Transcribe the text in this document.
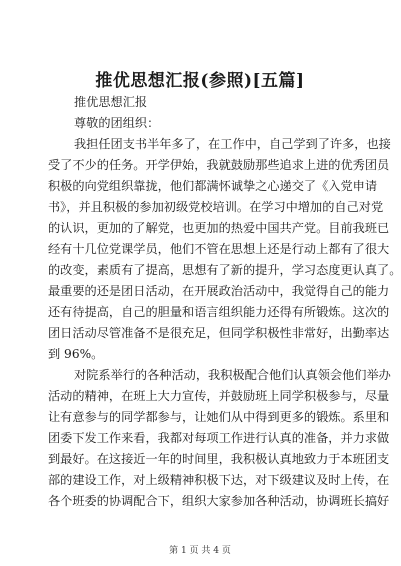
推优思想汇报(参照)[五篇]
推优思想汇报
尊敬的团组织：
我担任团支书半年多了，在工作中，自己学到了许多，也接
受了不少的任务。开学伊始，我就鼓励那些追求上进的优秀团员
积极的向党组织靠拢，他们都满怀诚挚之心递交了《入党申请
书》，并且积极的参加初级党校培训。在学习中增加的自己对党
的认识，更加的了解党，也更加的热爱中国共产党。目前我班已
经有十几位党课学员，他们不管在思想上还是行动上都有了很大
的改变，素质有了提高，思想有了新的提升，学习态度更认真了。
最重要的还是团日活动，在开展政治活动中，我觉得自己的能力
还有待提高，自己的胆量和语言组织能力还得有所锻炼。这次的
团日活动尽管准备不是很充足，但同学积极性非常好，出勤率达
到 96%。
对院系举行的各种活动，我积极配合他们认真领会他们举办
活动的精神，在班上大力宣传，并鼓励班上同学积极参与，尽量
让有意参与的同学都参与，让她们从中得到更多的锻炼。系里和
团委下发工作来看，我都对每项工作进行认真的准备，并力求做
到最好。在这接近一年的时间里，我积极认真地致力于本班团支
部的建设工作，对上级精神积极下达，对下级建议及时上传，在
各个班委的协调配合下，组织大家参加各种活动，协调班长搞好
第 1 页 共 4 页
